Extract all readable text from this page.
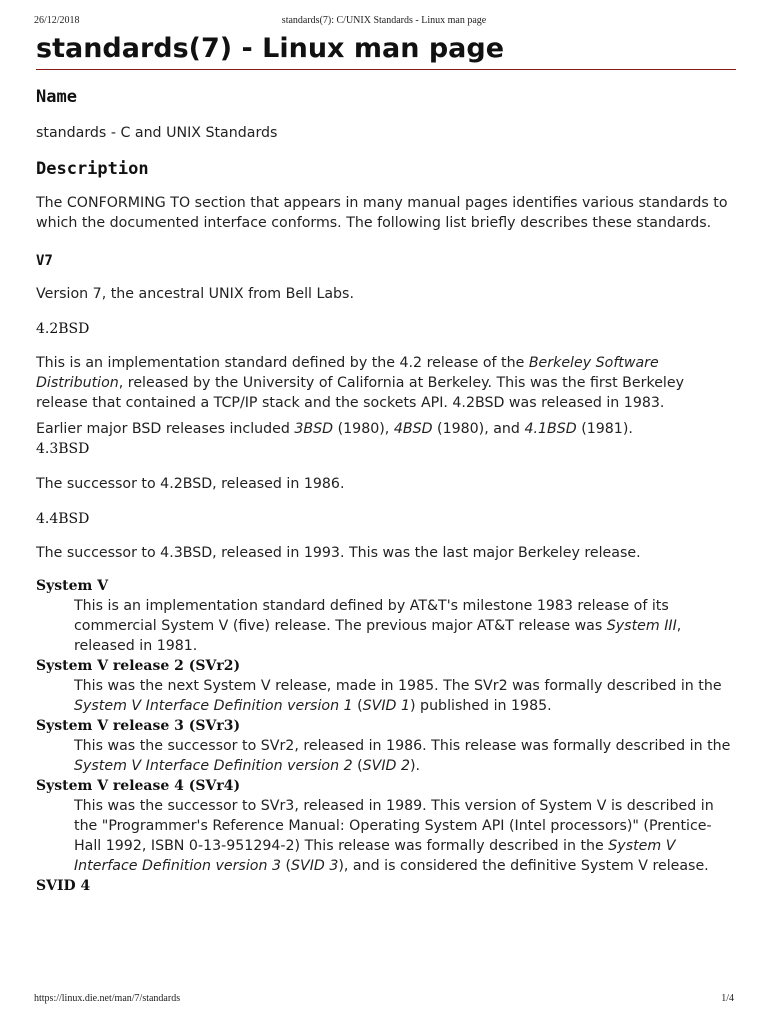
26/12/2018	standards(7): C/UNIX Standards - Linux man page
standards(7) - Linux man page
Name

standards - C and UNIX Standards

Description

The CONFORMING TO section that appears in many manual pages identifies various standards to which the documented interface conforms. The following list briefly describes these standards.

V7

Version 7, the ancestral UNIX from Bell Labs.

4.2BSD

This is an implementation standard defined by the 4.2 release of the Berkeley Software Distribution, released by the University of California at Berkeley. This was the first Berkeley release that contained a TCP/IP stack and the sockets API. 4.2BSD was released in 1983.

Earlier major BSD releases included 3BSD (1980), 4BSD (1980), and 4.1BSD (1981).

4.3BSD

The successor to 4.2BSD, released in 1986.

4.4BSD

The successor to 4.3BSD, released in 1993. This was the last major Berkeley release.

System V
This is an implementation standard defined by AT&T's milestone 1983 release of its commercial System V (five) release. The previous major AT&T release was System III, released in 1981.
System V release 2 (SVr2)
This was the next System V release, made in 1985. The SVr2 was formally described in the System V Interface Definition version 1 (SVID 1) published in 1985.
System V release 3 (SVr3)
This was the successor to SVr2, released in 1986. This release was formally described in the System V Interface Definition version 2 (SVID 2).
System V release 4 (SVr4)
This was the successor to SVr3, released in 1989. This version of System V is described in the "Programmer's Reference Manual: Operating System API (Intel processors)" (Prentice-Hall 1992, ISBN 0-13-951294-2) This release was formally described in the System V Interface Definition version 3 (SVID 3), and is considered the definitive System V release.
SVID 4
https://linux.die.net/man/7/standards	1/4
